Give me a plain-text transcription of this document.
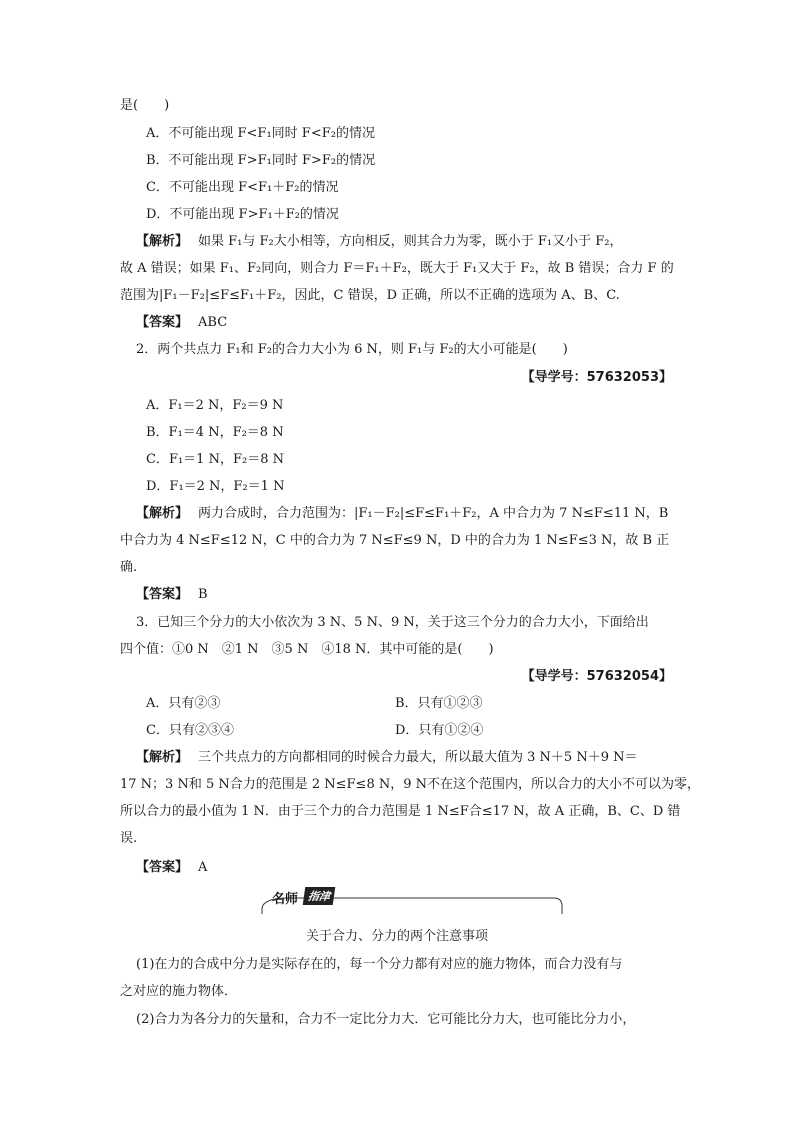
是(　　)
A．不可能出现 F<F₁同时 F<F₂的情况
B．不可能出现 F>F₁同时 F>F₂的情况
C．不可能出现 F<F₁＋F₂的情况
D．不可能出现 F>F₁＋F₂的情况
【解析】 如果 F₁与 F₂大小相等，方向相反，则其合力为零，既小于 F₁又小于 F₂，
故 A 错误；如果 F₁、F₂同向，则合力 F＝F₁＋F₂，既大于 F₁又大于 F₂，故 B 错误；合力 F 的
范围为|F₁－F₂|≤F≤F₁＋F₂，因此，C 错误，D 正确，所以不正确的选项为 A、B、C.
【答案】 ABC
2．两个共点力 F₁和 F₂的合力大小为 6 N，则 F₁与 F₂的大小可能是(　　)
【导学号：57632053】
A．F₁＝2 N，F₂＝9 N
B．F₁＝4 N，F₂＝8 N
C．F₁＝1 N，F₂＝8 N
D．F₁＝2 N，F₂＝1 N
【解析】 两力合成时，合力范围为：|F₁－F₂|≤F≤F₁＋F₂，A 中合力为 7 N≤F≤11 N，B
中合力为 4 N≤F≤12 N，C 中的合力为 7 N≤F≤9 N，D 中的合力为 1 N≤F≤3 N，故 B 正
确.
【答案】 B
3．已知三个分力的大小依次为 3 N、5 N、9 N，关于这三个分力的合力大小，下面给出
四个值：①0 N　②1 N　③5 N　④18 N．其中可能的是(　　)
【导学号：57632054】
A．只有②③	B．只有①②③
C．只有②③④	D．只有①②④
【解析】 三个共点力的方向都相同的时候合力最大，所以最大值为 3 N＋5 N＋9 N＝
17 N；3 N和 5 N合力的范围是 2 N≤F≤8 N，9 N不在这个范围内，所以合力的大小不可以为零，
所以合力的最小值为 1 N．由于三个力的合力范围是 1 N≤F合≤17 N，故 A 正确，B、C、D 错
误.
【答案】 A
名师 指津
关于合力、分力的两个注意事项
(1)在力的合成中分力是实际存在的，每一个分力都有对应的施力物体，而合力没有与
之对应的施力物体．
(2)合力为各分力的矢量和，合力不一定比分力大．它可能比分力大，也可能比分力小，
